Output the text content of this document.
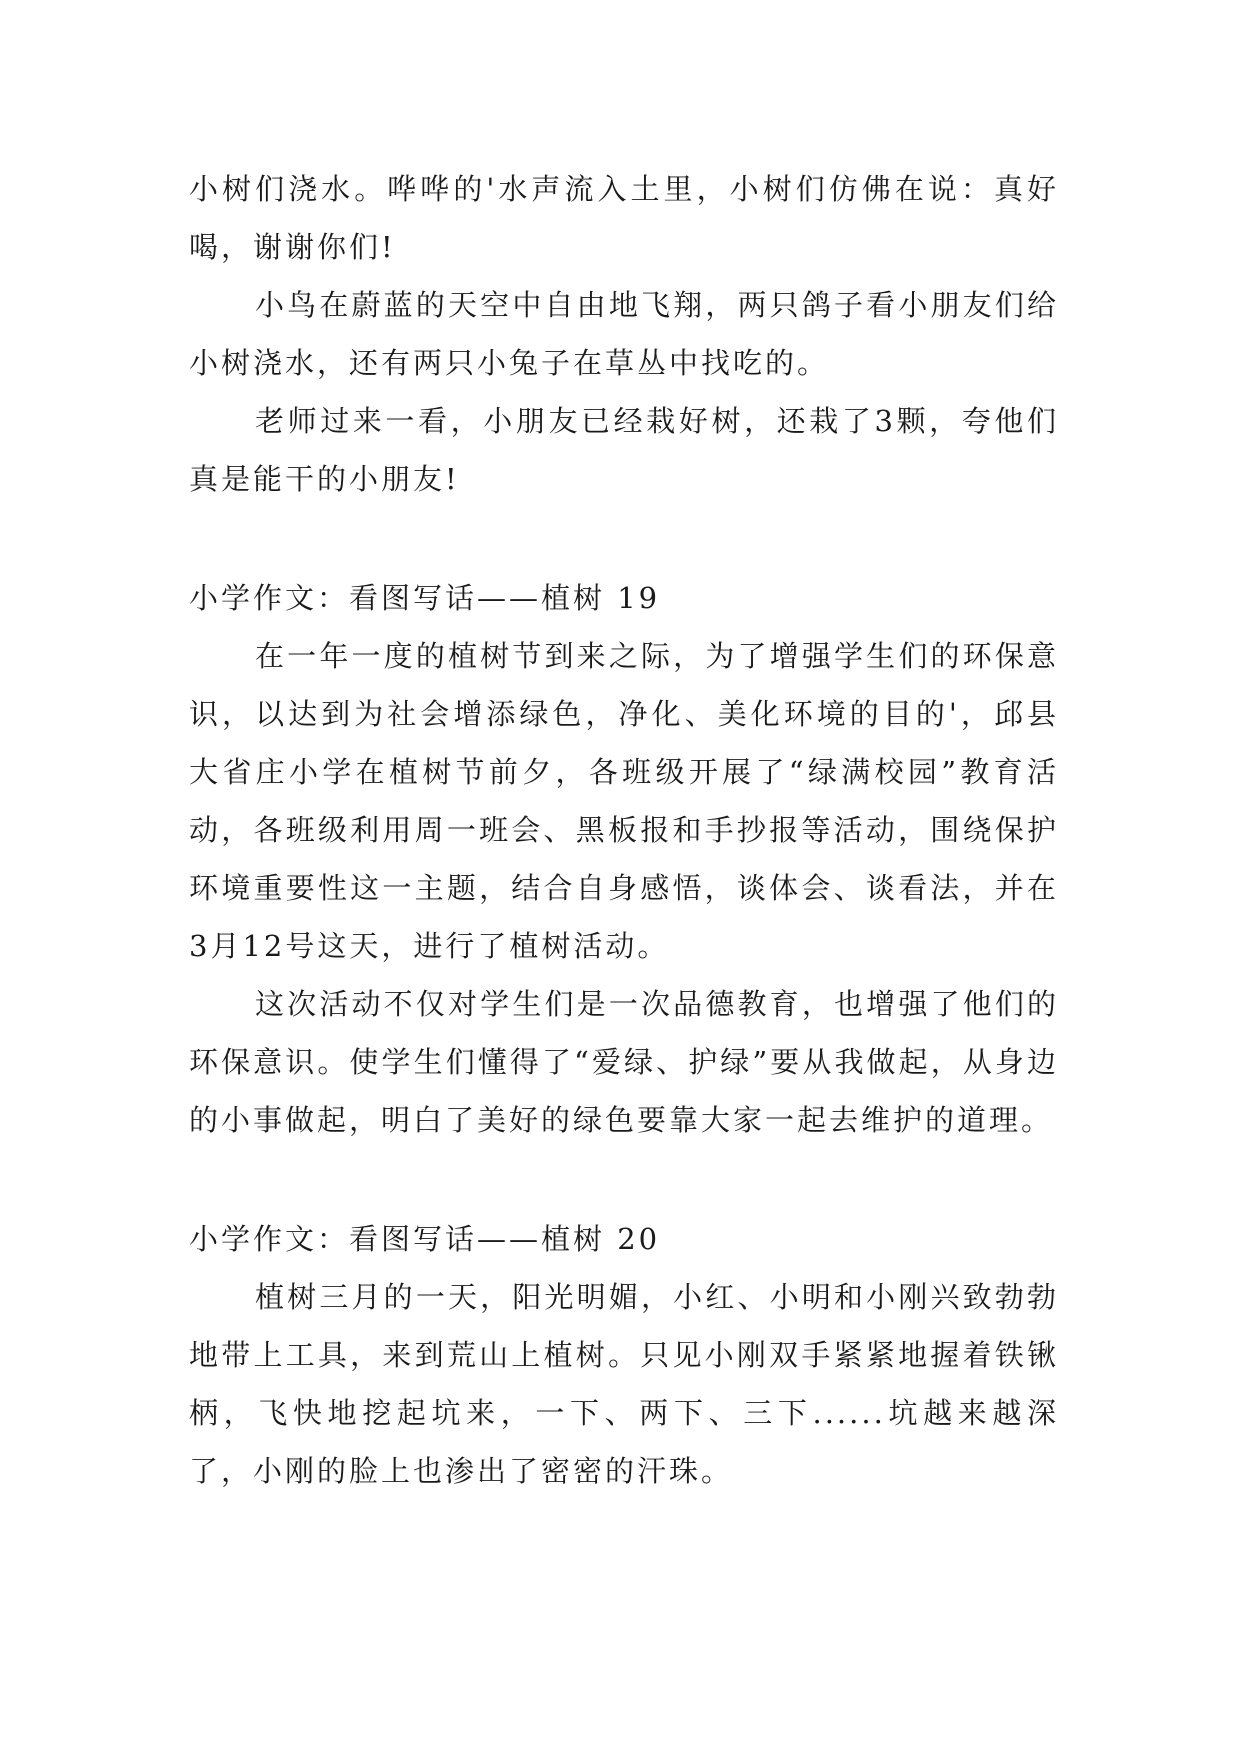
小树们浇水。哗哗的'水声流入土里，小树们仿佛在说：真好喝，谢谢你们!

小鸟在蔚蓝的天空中自由地飞翔，两只鸽子看小朋友们给小树浇水，还有两只小兔子在草丛中找吃的。

老师过来一看，小朋友已经栽好树，还栽了3颗，夸他们真是能干的小朋友!

小学作文：看图写话——植树 19

在一年一度的植树节到来之际，为了增强学生们的环保意识，以达到为社会增添绿色，净化、美化环境的目的'，邱县大省庄小学在植树节前夕，各班级开展了“绿满校园”教育活动，各班级利用周一班会、黑板报和手抄报等活动，围绕保护环境重要性这一主题，结合自身感悟，谈体会、谈看法，并在3月12号这天，进行了植树活动。

这次活动不仅对学生们是一次品德教育，也增强了他们的环保意识。使学生们懂得了“爱绿、护绿”要从我做起，从身边的小事做起，明白了美好的绿色要靠大家一起去维护的道理。

小学作文：看图写话——植树 20

植树三月的一天，阳光明媚，小红、小明和小刚兴致勃勃地带上工具，来到荒山上植树。只见小刚双手紧紧地握着铁锹柄，飞快地挖起坑来，一下、两下、三下......坑越来越深了，小刚的脸上也渗出了密密的汗珠。
